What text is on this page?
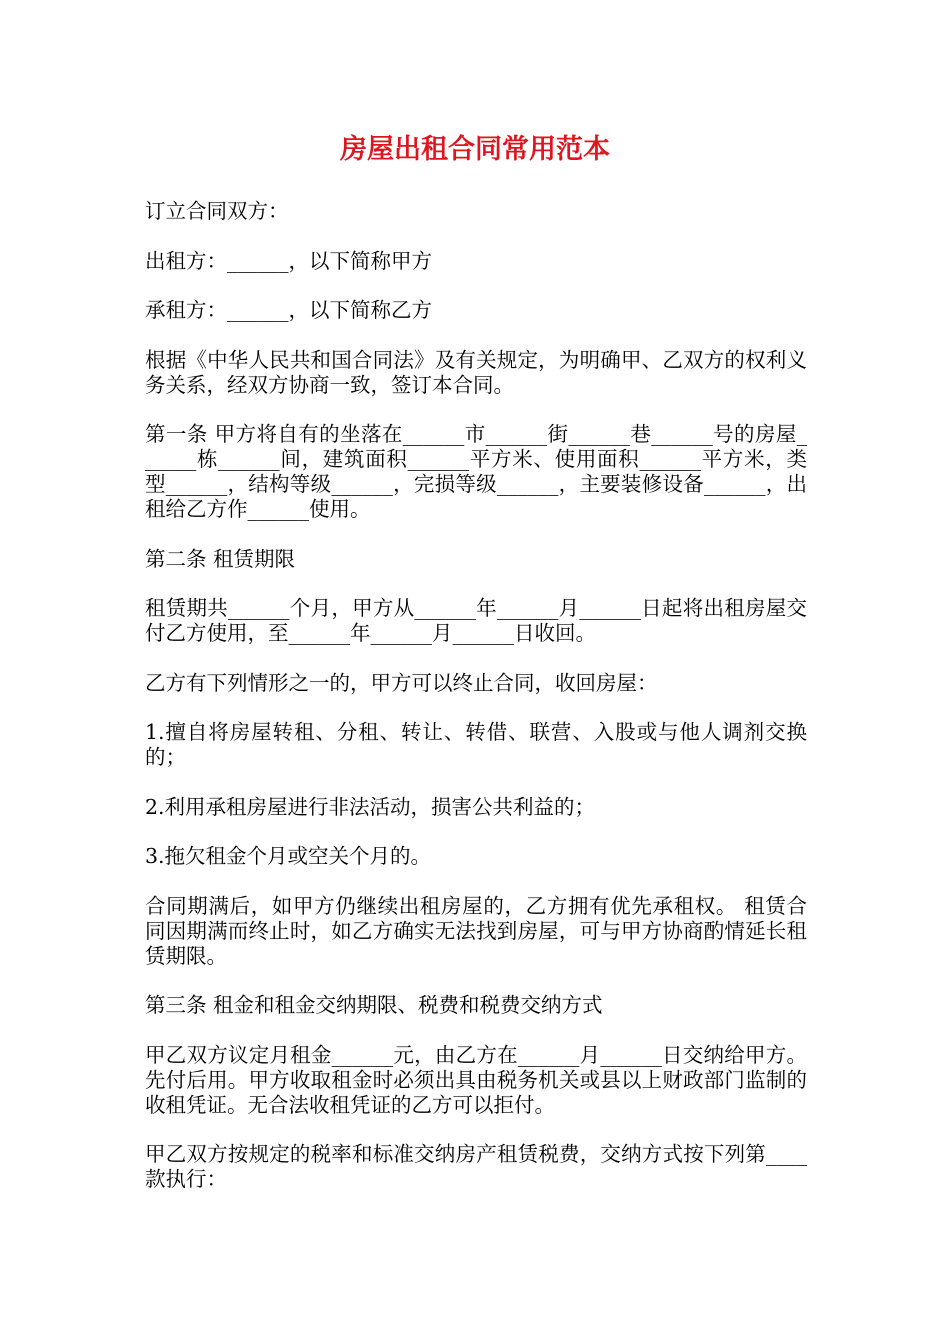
房屋出租合同常用范本

订立合同双方：

出租方：______，以下简称甲方

承租方：______，以下简称乙方

根据《中华人民共和国合同法》及有关规定，为明确甲、乙双方的权利义务关系，经双方协商一致，签订本合同。

第一条 甲方将自有的坐落在______市______街______巷______号的房屋______栋______间，建筑面积______平方米、使用面积______平方米，类型______，结构等级______，完损等级______，主要装修设备______，出租给乙方作______使用。

第二条 租赁期限

租赁期共______个月，甲方从______年______月______日起将出租房屋交付乙方使用，至______年______月______日收回。

乙方有下列情形之一的，甲方可以终止合同，收回房屋：

1.擅自将房屋转租、分租、转让、转借、联营、入股或与他人调剂交换的；

2.利用承租房屋进行非法活动，损害公共利益的；

3.拖欠租金个月或空关个月的。

合同期满后，如甲方仍继续出租房屋的，乙方拥有优先承租权。 租赁合同因期满而终止时，如乙方确实无法找到房屋，可与甲方协商酌情延长租赁期限。

第三条 租金和租金交纳期限、税费和税费交纳方式

甲乙双方议定月租金______元，由乙方在______月______日交纳给甲方。先付后用。甲方收取租金时必须出具由税务机关或县以上财政部门监制的收租凭证。无合法收租凭证的乙方可以拒付。

甲乙双方按规定的税率和标准交纳房产租赁税费，交纳方式按下列第____款执行：
